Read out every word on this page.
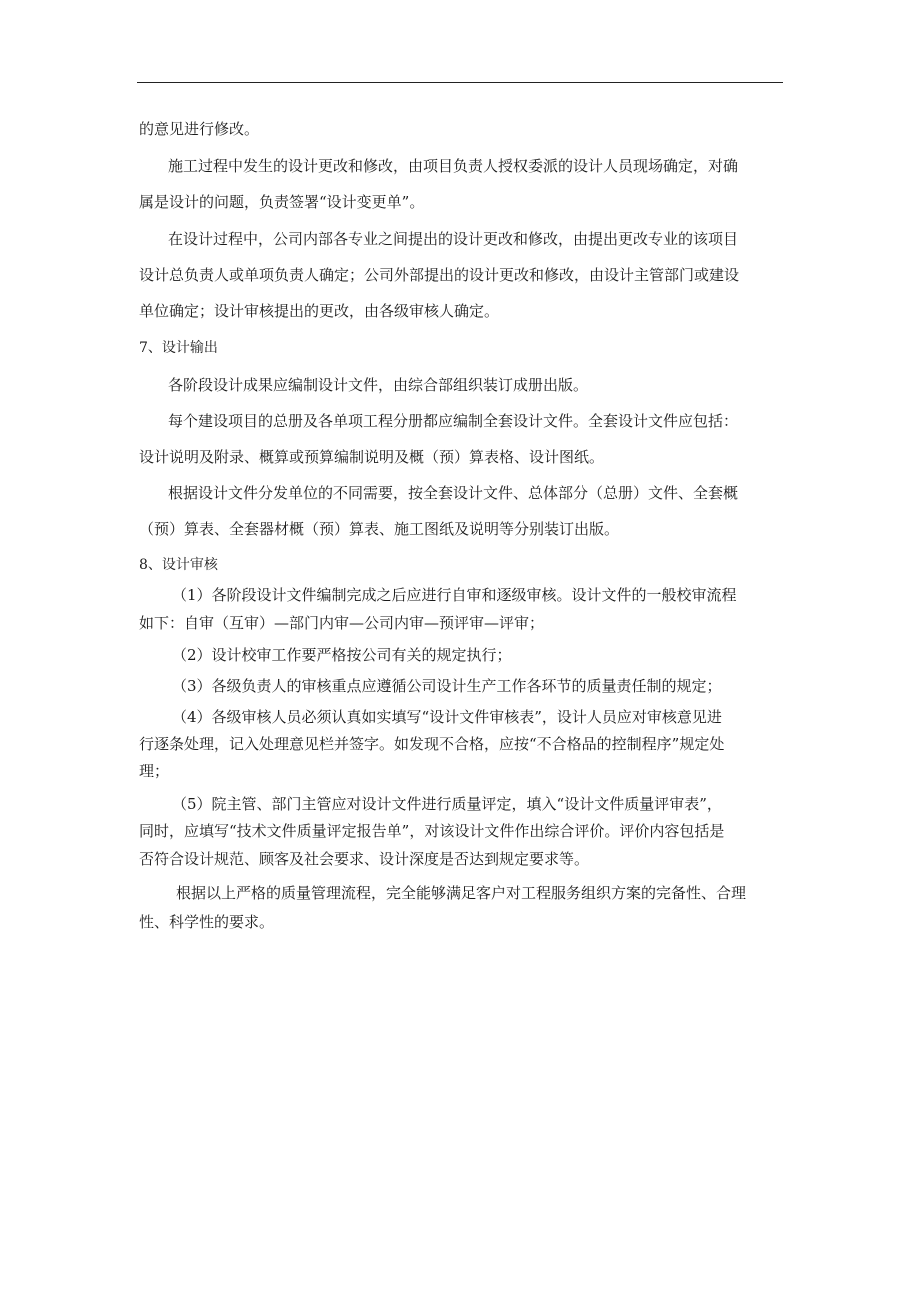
的意见进行修改。
施工过程中发生的设计更改和修改，由项目负责人授权委派的设计人员现场确定，对确
属是设计的问题，负责签署“设计变更单”。
在设计过程中，公司内部各专业之间提出的设计更改和修改，由提出更改专业的该项目
设计总负责人或单项负责人确定；公司外部提出的设计更改和修改，由设计主管部门或建设
单位确定；设计审核提出的更改，由各级审核人确定。
7、设计输出
各阶段设计成果应编制设计文件，由综合部组织装订成册出版。
每个建设项目的总册及各单项工程分册都应编制全套设计文件。全套设计文件应包括：
设计说明及附录、概算或预算编制说明及概（预）算表格、设计图纸。
根据设计文件分发单位的不同需要，按全套设计文件、总体部分（总册）文件、全套概
（预）算表、全套器材概（预）算表、施工图纸及说明等分别装订出版。
8、设计审核
（1）各阶段设计文件编制完成之后应进行自审和逐级审核。设计文件的一般校审流程
如下：自审（互审）—部门内审—公司内审—预评审—评审；
（2）设计校审工作要严格按公司有关的规定执行；
（3）各级负责人的审核重点应遵循公司设计生产工作各环节的质量责任制的规定；
（4）各级审核人员必须认真如实填写“设计文件审核表”，设计人员应对审核意见进
行逐条处理，记入处理意见栏并签字。如发现不合格，应按“不合格品的控制程序”规定处
理；
（5）院主管、部门主管应对设计文件进行质量评定，填入“设计文件质量评审表”，
同时，应填写“技术文件质量评定报告单”，对该设计文件作出综合评价。评价内容包括是
否符合设计规范、顾客及社会要求、设计深度是否达到规定要求等。
根据以上严格的质量管理流程，完全能够满足客户对工程服务组织方案的完备性、合理
性、科学性的要求。
